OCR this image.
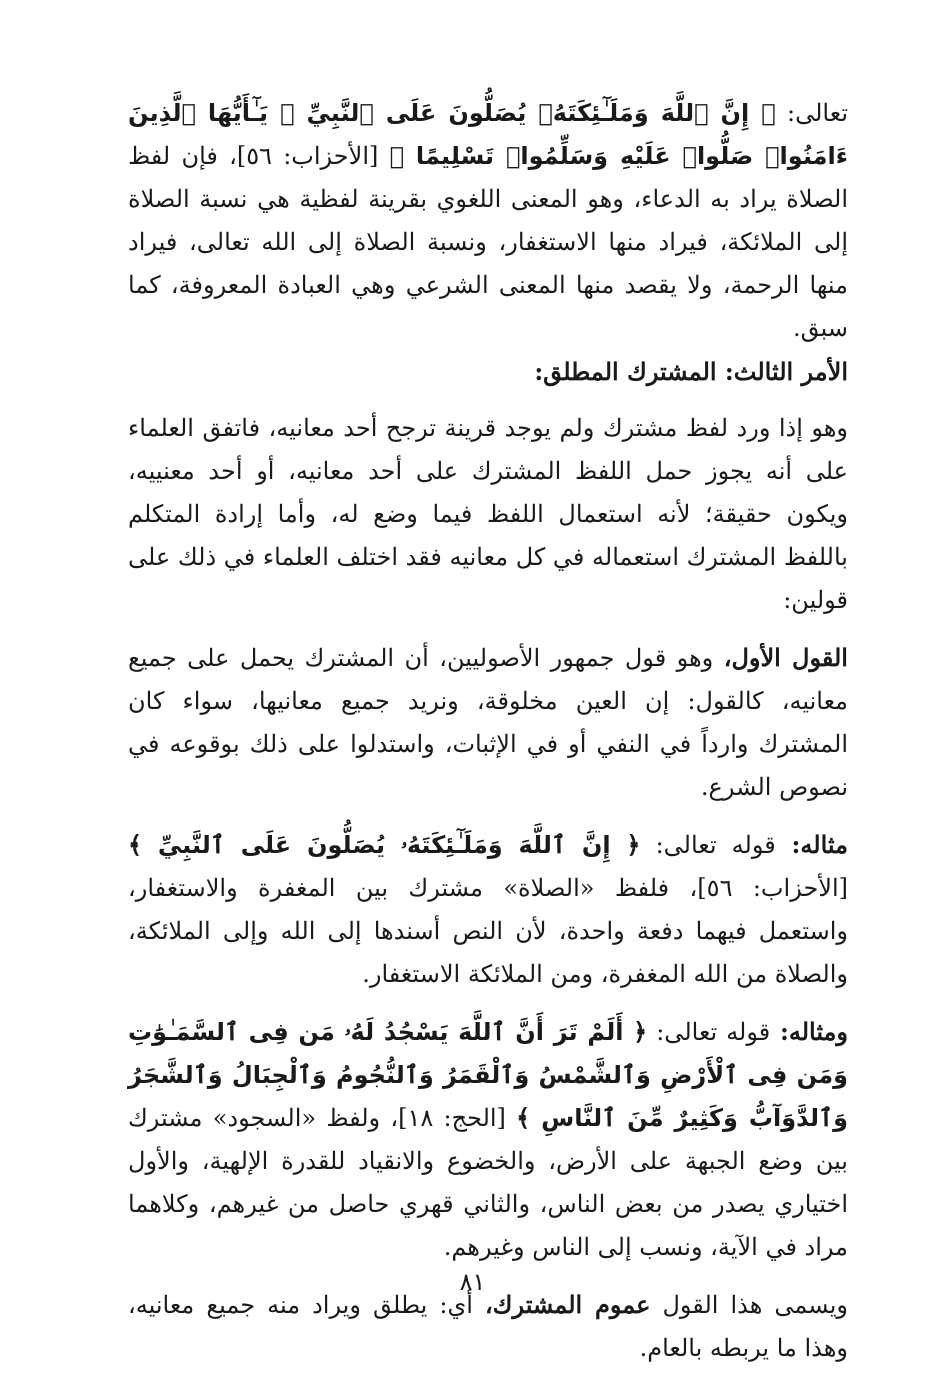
تعالى: ﴿ إِنَّ ٱللَّهَ وَمَلَـٰٓئِكَتَهُۥ يُصَلُّونَ عَلَى ٱلنَّبِيِّ ۚ يَـٰٓأَيُّهَا ٱلَّذِينَ ءَامَنُوا۟ صَلُّوا۟ عَلَيْهِ وَسَلِّمُوا۟ تَسْلِيمًا ﴾ [الأحزاب: ٥٦]، فإن لفظ الصلاة يراد به الدعاء، وهو المعنى اللغوي بقرينة لفظية هي نسبة الصلاة إلى الملائكة، فيراد منها الاستغفار، ونسبة الصلاة إلى الله تعالى، فيراد منها الرحمة، ولا يقصد منها المعنى الشرعي وهي العبادة المعروفة، كما سبق.

الأمر الثالث: المشترك المطلق:

وهو إذا ورد لفظ مشترك ولم يوجد قرينة ترجح أحد معانيه، فاتفق العلماء على أنه يجوز حمل اللفظ المشترك على أحد معانيه، أو أحد معنييه، ويكون حقيقة؛ لأنه استعمال اللفظ فيما وضع له، وأما إرادة المتكلم باللفظ المشترك استعماله في كل معانيه فقد اختلف العلماء في ذلك على قولين:

القول الأول، وهو قول جمهور الأصوليين، أن المشترك يحمل على جميع معانيه، كالقول: إن العين مخلوقة، ونريد جميع معانيها، سواء كان المشترك وارداً في النفي أو في الإثبات، واستدلوا على ذلك بوقوعه في نصوص الشرع.

مثاله: قوله تعالى: ﴿ إِنَّ ٱللَّهَ وَمَلَـٰٓئِكَتَهُۥ يُصَلُّونَ عَلَى ٱلنَّبِيِّ ﴾ [الأحزاب: ٥٦]، فلفظ «الصلاة» مشترك بين المغفرة والاستغفار، واستعمل فيهما دفعة واحدة، لأن النص أسندها إلى الله وإلى الملائكة، والصلاة من الله المغفرة، ومن الملائكة الاستغفار.

ومثاله: قوله تعالى: ﴿ أَلَمْ تَرَ أَنَّ ٱللَّهَ يَسْجُدُ لَهُۥ مَن فِى ٱلسَّمَـٰوَٰتِ وَمَن فِى ٱلْأَرْضِ وَٱلشَّمْسُ وَٱلْقَمَرُ وَٱلنُّجُومُ وَٱلْجِبَالُ وَٱلشَّجَرُ وَٱلدَّوَآبُّ وَكَثِيرٌ مِّنَ ٱلنَّاسِ ﴾ [الحج: ١٨]، ولفظ «السجود» مشترك بين وضع الجبهة على الأرض، والخضوع والانقياد للقدرة الإلهية، والأول اختياري يصدر من بعض الناس، والثاني قهري حاصل من غيرهم، وكلاهما مراد في الآية، ونسب إلى الناس وغيرهم.

ويسمى هذا القول عموم المشترك، أي: يطلق ويراد منه جميع معانيه، وهذا ما يربطه بالعام.

٨١
